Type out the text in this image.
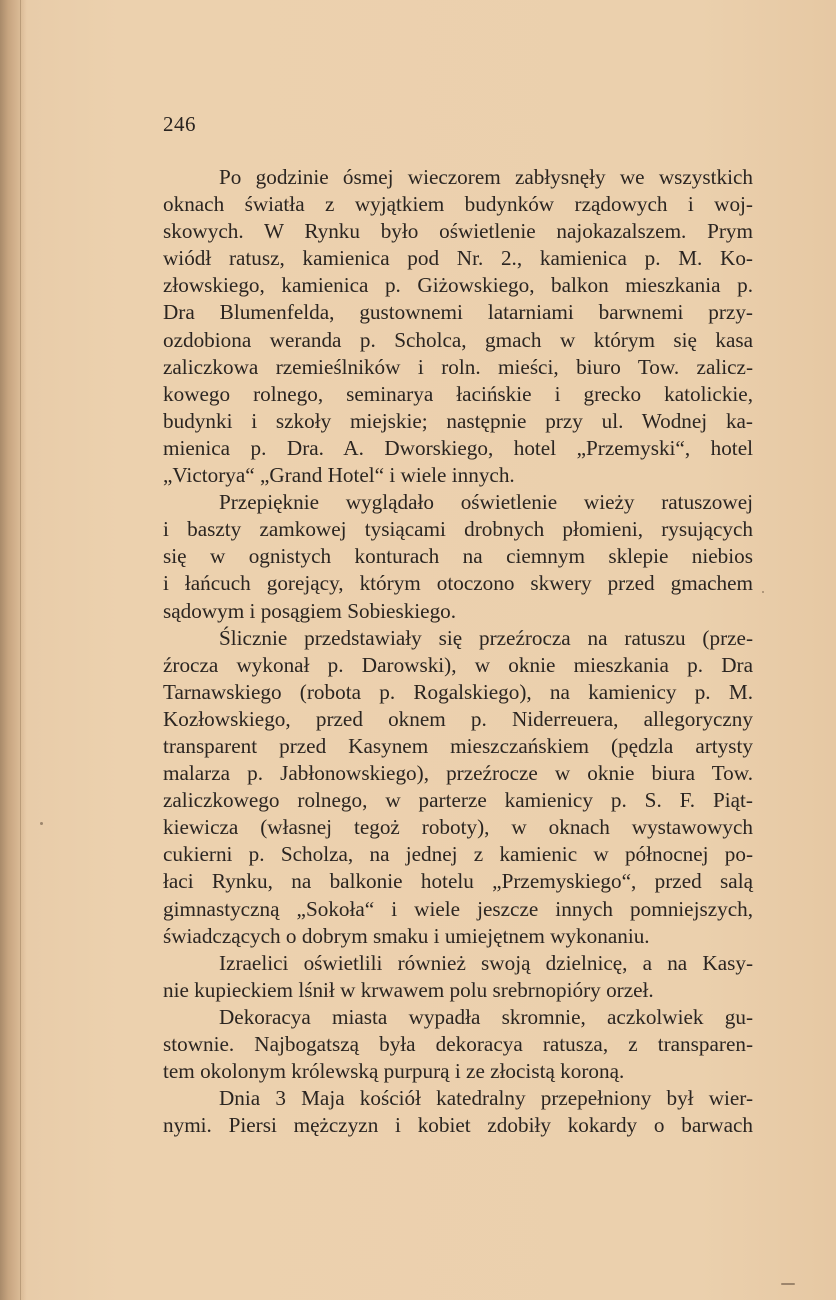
246
Po godzinie ósmej wieczorem zabłysnęły we wszystkich
oknach światła z wyjątkiem budynków rządowych i woj-
skowych. W Rynku było oświetlenie najokazalszem. Prym
wiódł ratusz, kamienica pod Nr. 2., kamienica p. M. Ko-
złowskiego, kamienica p. Giżowskiego, balkon mieszkania p.
Dra Blumenfelda, gustownemi latarniami barwnemi przy-
ozdobiona weranda p. Scholca, gmach w którym się kasa
zaliczkowa rzemieślników i roln. mieści, biuro Tow. zalicz-
kowego rolnego, seminarya łacińskie i grecko katolickie,
budynki i szkoły miejskie; następnie przy ul. Wodnej ka-
mienica p. Dra. A. Dworskiego, hotel „Przemyski“, hotel
„Victorya“ „Grand Hotel“ i wiele innych.
Przepięknie wyglądało oświetlenie wieży ratuszowej
i baszty zamkowej tysiącami drobnych płomieni, rysujących
się w ognistych konturach na ciemnym sklepie niebios
i łańcuch gorejący, którym otoczono skwery przed gmachem
sądowym i posągiem Sobieskiego.
Ślicznie przedstawiały się przeźrocza na ratuszu (prze-
źrocza wykonał p. Darowski), w oknie mieszkania p. Dra
Tarnawskiego (robota p. Rogalskiego), na kamienicy p. M.
Kozłowskiego, przed oknem p. Niderreuera, allegoryczny
transparent przed Kasynem mieszczańskiem (pędzla artysty
malarza p. Jabłonowskiego), przeźrocze w oknie biura Tow.
zaliczkowego rolnego, w parterze kamienicy p. S. F. Piąt-
kiewicza (własnej tegoż roboty), w oknach wystawowych
cukierni p. Scholza, na jednej z kamienic w północnej po-
łaci Rynku, na balkonie hotelu „Przemyskiego“, przed salą
gimnastyczną „Sokoła“ i wiele jeszcze innych pomniejszych,
świadczących o dobrym smaku i umiejętnem wykonaniu.
Izraelici oświetlili również swoją dzielnicę, a na Kasy-
nie kupieckiem lśnił w krwawem polu srebrnopióry orzeł.
Dekoracya miasta wypadła skromnie, aczkolwiek gu-
stownie. Najbogatszą była dekoracya ratusza, z transparen-
tem okolonym królewską purpurą i ze złocistą koroną.
Dnia 3 Maja kościół katedralny przepełniony był wier-
nymi. Piersi mężczyzn i kobiet zdobiły kokardy o barwach
